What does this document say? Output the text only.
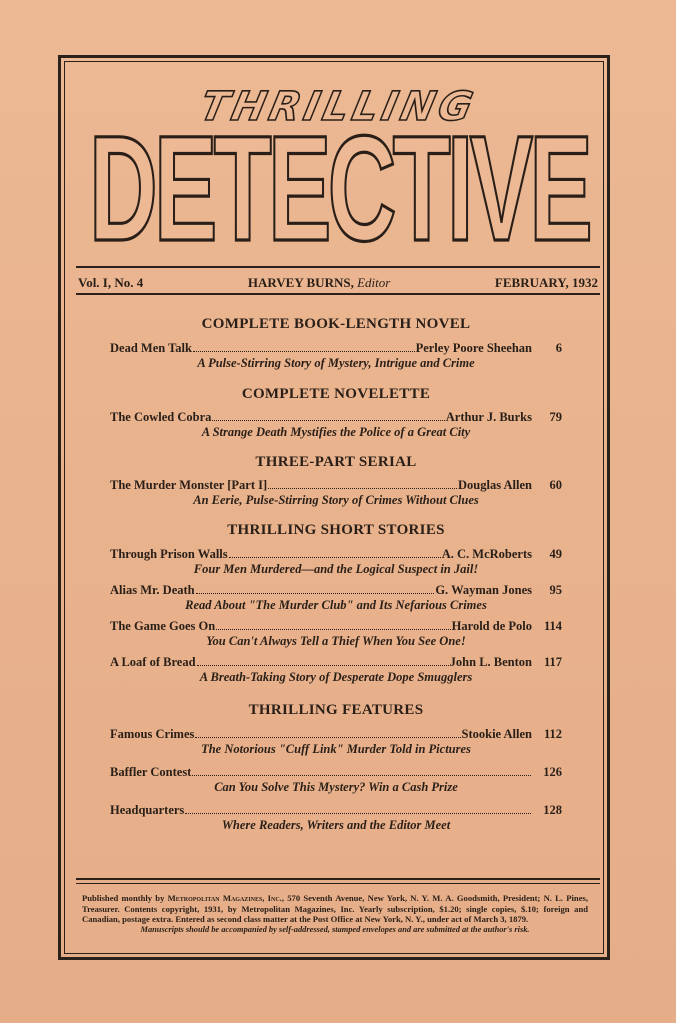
THRILLING
DETECTIVE
Vol. I, No. 4	HARVEY BURNS, Editor	FEBRUARY, 1932

COMPLETE BOOK-LENGTH NOVEL

Dead Men Talk	Perley Poore Sheehan	6

A Pulse-Stirring Story of Mystery, Intrigue and Crime

COMPLETE NOVELETTE

The Cowled Cobra	Arthur J. Burks	79

A Strange Death Mystifies the Police of a Great City

THREE-PART SERIAL

The Murder Monster [Part I]	Douglas Allen	60

An Eerie, Pulse-Stirring Story of Crimes Without Clues

THRILLING SHORT STORIES

Through Prison Walls	A. C. McRoberts	49

Four Men Murdered—and the Logical Suspect in Jail!

Alias Mr. Death	G. Wayman Jones	95

Read About "The Murder Club" and Its Nefarious Crimes

The Game Goes On	Harold de Polo 114

You Can't Always Tell a Thief When You See One!

A Loaf of Bread	John L. Benton 117

A Breath-Taking Story of Desperate Dope Smugglers

THRILLING FEATURES

Famous Crimes	Stookie Allen 112

The Notorious "Cuff Link" Murder Told in Pictures

Baffler Contest	126

Can You Solve This Mystery? Win a Cash Prize

Headquarters	128

Where Readers, Writers and the Editor Meet

Published monthly by Metropolitan Magazines, Inc., 570 Seventh Avenue, New York, N. Y. M. A. Goodsmith, President; N. L. Pines, Treasurer. Contents copyright, 1931, by Metropolitan Magazines, Inc. Yearly subscription, $1.20; single copies, $.10; foreign and Canadian, postage extra. Entered as second class matter at the Post Office at New York, N. Y., under act of March 3, 1879.
Manuscripts should be accompanied by self-addressed, stamped envelopes and are submitted at the author's risk.
